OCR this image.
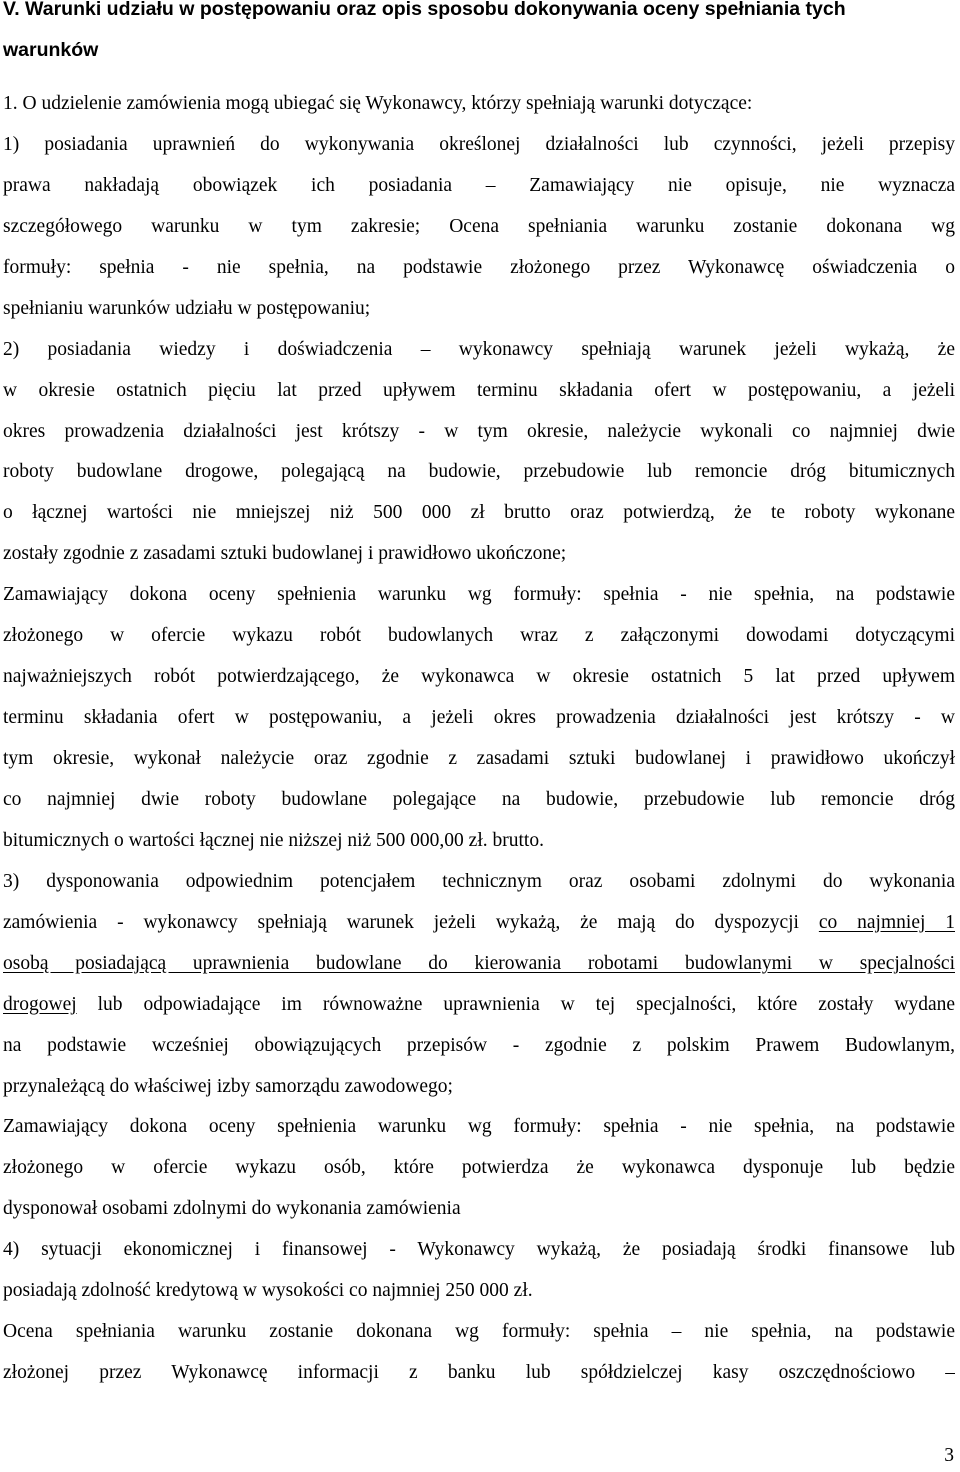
V. Warunki udziału w postępowaniu oraz opis sposobu dokonywania oceny spełniania tych
warunków
1. O udzielenie zamówienia mogą ubiegać się Wykonawcy, którzy spełniają warunki dotyczące:
1) posiadania uprawnień do wykonywania określonej działalności lub czynności, jeżeli przepisy
prawa nakładają obowiązek ich posiadania – Zamawiający nie opisuje, nie wyznacza
szczegółowego warunku w tym zakresie; Ocena spełniania warunku zostanie dokonana wg
formuły: spełnia - nie spełnia, na podstawie złożonego przez Wykonawcę oświadczenia o
spełnianiu warunków udziału w postępowaniu;
2) posiadania wiedzy i doświadczenia – wykonawcy spełniają warunek jeżeli wykażą, że
w okresie ostatnich pięciu lat przed upływem terminu składania ofert w postępowaniu, a jeżeli
okres prowadzenia działalności jest krótszy - w tym okresie, należycie wykonali co najmniej dwie
roboty budowlane drogowe, polegającą na budowie, przebudowie lub remoncie dróg bitumicznych
o łącznej wartości nie mniejszej niż 500 000 zł brutto oraz potwierdzą, że te roboty wykonane
zostały zgodnie z zasadami sztuki budowlanej i prawidłowo ukończone;
Zamawiający dokona oceny spełnienia warunku wg formuły: spełnia - nie spełnia, na podstawie
złożonego w ofercie wykazu robót budowlanych wraz z załączonymi dowodami dotyczącymi
najważniejszych robót potwierdzającego, że wykonawca w okresie ostatnich 5 lat przed upływem
terminu składania ofert w postępowaniu, a jeżeli okres prowadzenia działalności jest krótszy - w
tym okresie, wykonał należycie oraz zgodnie z zasadami sztuki budowlanej i prawidłowo ukończył
co najmniej dwie roboty budowlane polegające na budowie, przebudowie lub remoncie dróg
bitumicznych o wartości łącznej nie niższej niż 500 000,00 zł. brutto.
3) dysponowania odpowiednim potencjałem technicznym oraz osobami zdolnymi do wykonania
zamówienia - wykonawcy spełniają warunek jeżeli wykażą, że mają do dyspozycji co najmniej 1
osobą posiadającą uprawnienia budowlane do kierowania robotami budowlanymi w specjalności
drogowej lub odpowiadające im równoważne uprawnienia w tej specjalności, które zostały wydane
na podstawie wcześniej obowiązujących przepisów - zgodnie z polskim Prawem Budowlanym,
przynależącą do właściwej izby samorządu zawodowego;
Zamawiający dokona oceny spełnienia warunku wg formuły: spełnia - nie spełnia, na podstawie
złożonego w ofercie wykazu osób, które potwierdza że wykonawca dysponuje lub będzie
dysponował osobami zdolnymi do wykonania zamówienia
4) sytuacji ekonomicznej i finansowej - Wykonawcy wykażą, że posiadają środki finansowe lub
posiadają zdolność kredytową w wysokości co najmniej 250 000 zł.
Ocena spełniania warunku zostanie dokonana wg formuły: spełnia – nie spełnia, na podstawie
złożonej przez Wykonawcę informacji z banku lub spółdzielczej kasy oszczędnościowo –
3
